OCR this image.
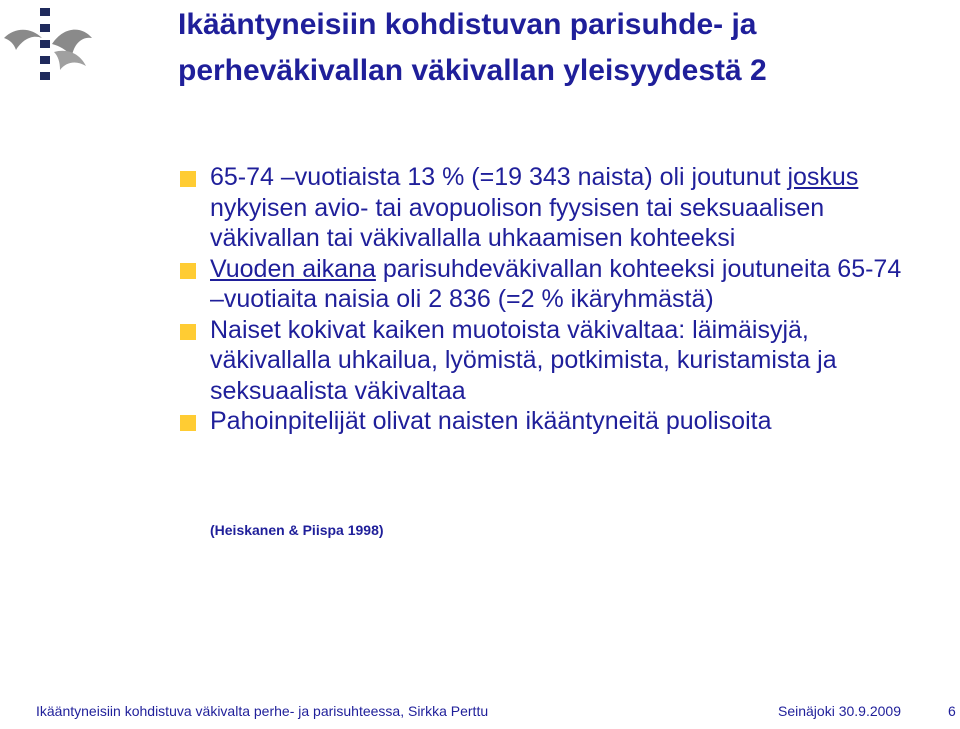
Ikääntyneisiin kohdistuvan parisuhde- ja
perheväkivallan väkivallan yleisyydestä 2
65-74 –vuotiaista 13 % (=19 343 naista) oli joutunut joskus nykyisen avio- tai avopuolison fyysisen tai seksuaalisen väkivallan tai väkivallalla uhkaamisen kohteeksi
Vuoden aikana parisuhdeväkivallan kohteeksi joutuneita 65-74 –vuotiaita naisia oli 2 836 (=2 % ikäryhmästä)
Naiset kokivat kaiken muotoista väkivaltaa: läimäisyjä, väkivallalla uhkailua, lyömistä, potkimista, kuristamista ja seksuaalista väkivaltaa
Pahoinpitelijät olivat naisten ikääntyneitä puolisoita
(Heiskanen & Piispa 1998)
Ikääntyneisiin kohdistuva väkivalta perhe- ja parisuhteessa, Sirkka Perttu	Seinäjoki 30.9.2009	6
